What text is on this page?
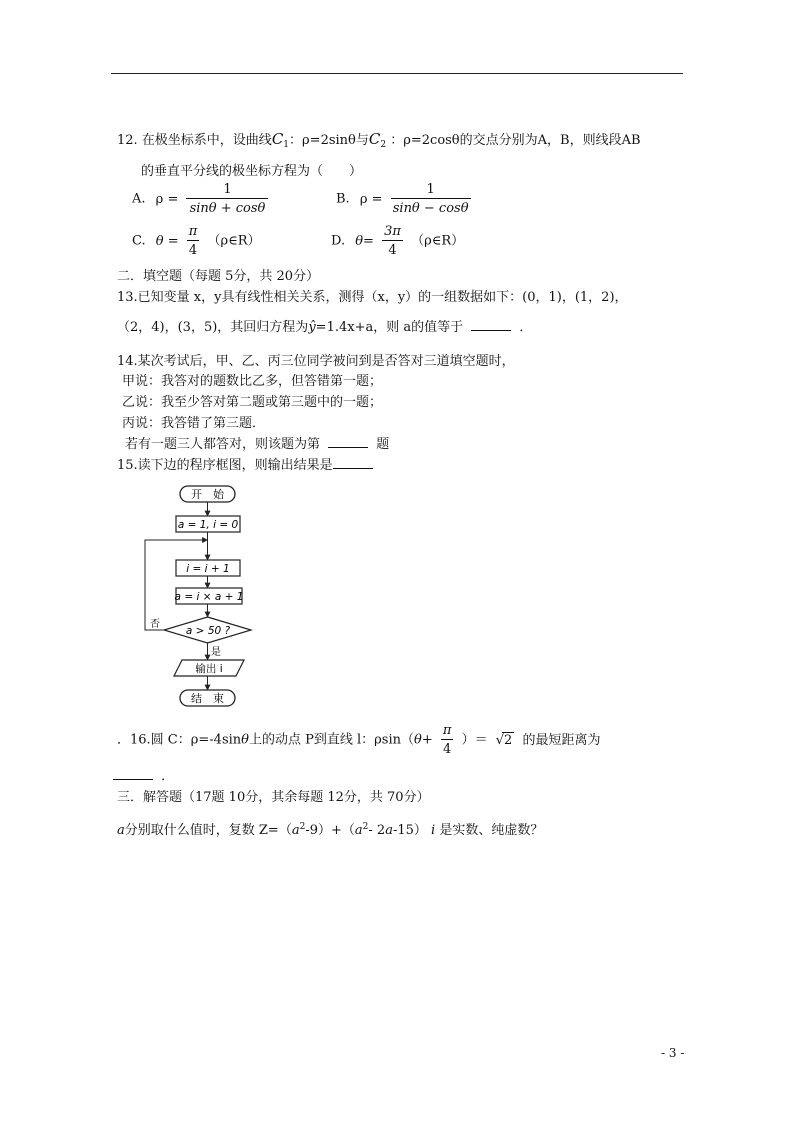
12. 在极坐标系中，设曲线$C_1$：ρ=2sinθ与$C_2$ ：ρ=2cosθ的交点分别为A，B，则线段AB
的垂直平分线的极坐标方程为（　　）
A. $\rho = \frac{1}{\sin\theta + \cos\theta}$	B. $\rho = \frac{1}{\sin\theta - \cos\theta}$
C. $\theta = \frac{\pi}{4}$ （ρ∈R）	D. $\theta= \frac{3\pi}{4}$ （ρ∈R）
二．填空题（每题 5分，共 20分）
13.已知变量 x，y具有线性相关关系，测得（x，y）的一组数据如下：(0，1)，(1，2)，
（2，4)，(3，5)，其回归方程为ŷ=1.4x+a，则 a的值等于	．
14.某次考试后，甲、乙、丙三位同学被问到是否答对三道填空题时，
甲说：我答对的题数比乙多，但答错第一题；
乙说：我至少答对第二题或第三题中的一题；
丙说：我答错了第三题．
若有一题三人都答对，则该题为第	题
15.读下边的程序框图，则输出结果是
开　始
a = 1, i = 0
i = i + 1
a = i × a + 1
a > 50 ?
否
是
输出 i
结　束
．16.圆 C：ρ=-4sinθ上的动点 P到直线 l：$\rho\sin(\theta+ \frac{\pi}{4}$ ）＝ √2 的最短距离为
．
三．解答题（17题 10分，其余每题 12分，共 70分）
a分别取什么值时，复数 $Z=(a^2-9)+(a^2-$ 2a-15） i 是实数、纯虚数？
- 3 -
